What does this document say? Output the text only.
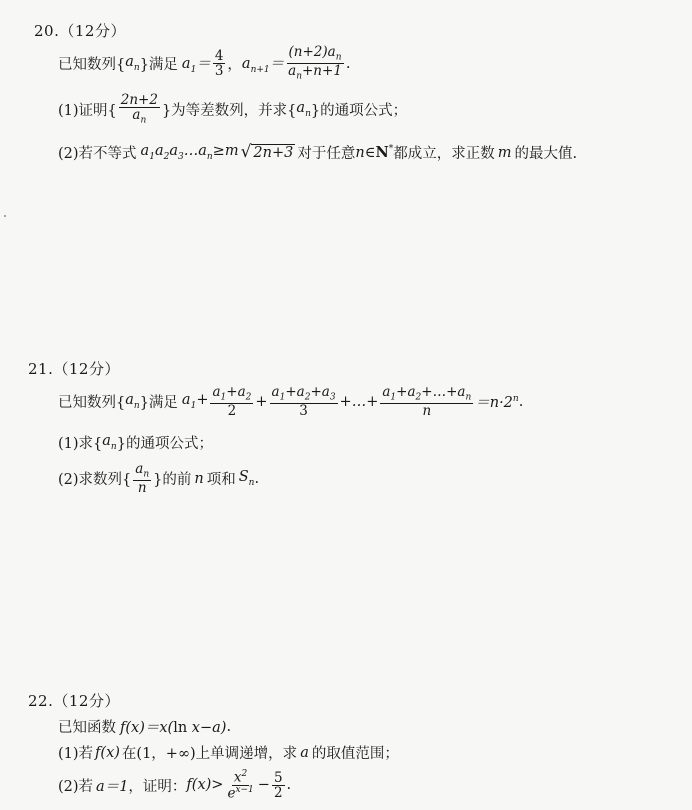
20.（12分）
已知数列{ $a_n$ }满足 $a_1= \frac{4}{3}$ ， $a_{n+1}= \frac{(n+2)a_n}{a_n+n+1}$ .
(1)证明{ $\frac{2n+2}{a_n}$ }为等差数列，并求{ $a_n$ }的通项公式；
(2)若不等式 $a_1a_2a_3\dots a_n\ge m$ √ 2n+3 对于任意 n∈N* 都成立，求正数 m 的最大值.
21.（12分）
已知数列{ $a_n$ }满足 $a_1+ \frac{a_1+a_2}{2} + \frac{a_1+a_2+a_3}{3}$ +…+ $\frac{a_1+a_2+\dots+a_n}{n} =n\cdot 2^n$ .
(1)求{ $a_n$ }的通项公式；
(2)求数列{ $\frac{a_n}{n}$ }的前 n 项和 $S_n$ .
22.（12分）
已知函数 f(x)＝x(ln x−a) .
(1)若 f(x) 在(1，+∞)上单调递增，求 a 的取值范围；
(2)若 a＝1 ，证明： $f(x)> \frac{x^2}{e^{x-1}} - \frac{5}{2}$ .
